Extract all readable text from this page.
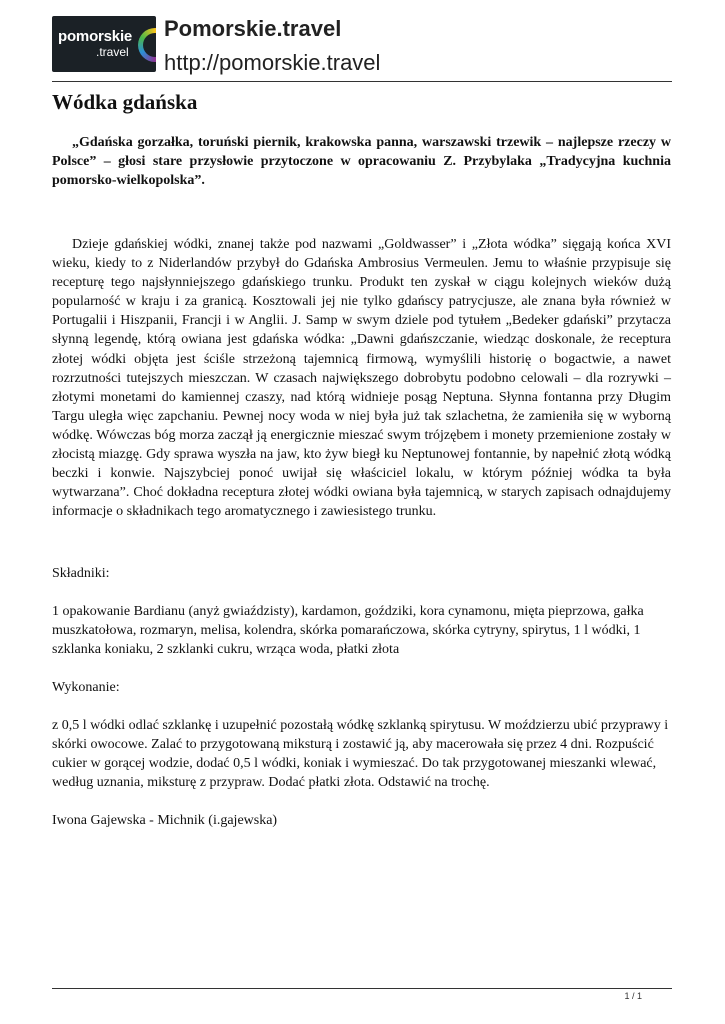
pomorskie
.travel
Pomorskie.travel
http://pomorskie.travel
Wódka gdańska

„Gdańska gorzałka, toruński piernik, krakowska panna, warszawski trzewik – najlepsze rzeczy w Polsce” – głosi stare przysłowie przytoczone w opracowaniu Z. Przybylaka „Tradycyjna kuchnia pomorsko-wielkopolska”.

Dzieje gdańskiej wódki, znanej także pod nazwami „Goldwasser” i „Złota wódka” sięgają końca XVI wieku, kiedy to z Niderlandów przybył do Gdańska Ambrosius Vermeulen. Jemu to właśnie przypisuje się recepturę tego najsłynniejszego gdańskiego trunku. Produkt ten zyskał w ciągu kolejnych wieków dużą popularność w kraju i za granicą. Kosztowali jej nie tylko gdańscy patrycjusze, ale znana była również w Portugalii i Hiszpanii, Francji i w Anglii. J. Samp w swym dziele pod tytułem „Bedeker gdański” przytacza słynną legendę, którą owiana jest gdańska wódka: „Dawni gdańszczanie, wiedząc doskonale, że receptura złotej wódki objęta jest ściśle strzeżoną tajemnicą firmową, wymyślili historię o bogactwie, a nawet rozrzutności tutejszych mieszczan. W czasach największego dobrobytu podobno celowali – dla rozrywki – złotymi monetami do kamiennej czaszy, nad którą widnieje posąg Neptuna. Słynna fontanna przy Długim Targu uległa więc zapchaniu. Pewnej nocy woda w niej była już tak szlachetna, że zamieniła się w wyborną wódkę. Wówczas bóg morza zaczął ją energicznie mieszać swym trójzębem i monety przemienione zostały w złocistą miazgę. Gdy sprawa wyszła na jaw, kto żyw biegł ku Neptunowej fontannie, by napełnić złotą wódką beczki i konwie. Najszybciej ponoć uwijał się właściciel lokalu, w którym później wódka ta była wytwarzana”. Choć dokładna receptura złotej wódki owiana była tajemnicą, w starych zapisach odnajdujemy informacje o składnikach tego aromatycznego i zawiesistego trunku.

Składniki:

1 opakowanie Bardianu (anyż gwiaździsty), kardamon, goździki, kora cynamonu, mięta pieprzowa, gałka muszkatołowa, rozmaryn, melisa, kolendra, skórka pomarańczowa, skórka cytryny, spirytus, 1 l wódki, 1 szklanka koniaku, 2 szklanki cukru, wrząca woda, płatki złota

Wykonanie:

z 0,5 l wódki odlać szklankę i uzupełnić pozostałą wódkę szklanką spirytusu. W moździerzu ubić przyprawy i skórki owocowe. Zalać to przygotowaną miksturą i zostawić ją, aby macerowała się przez 4 dni. Rozpuścić cukier w gorącej wodzie, dodać 0,5 l wódki, koniak i wymieszać. Do tak przygotowanej mieszanki wlewać, według uznania, miksturę z przypraw. Dodać płatki złota. Odstawić na trochę.

Iwona Gajewska - Michnik (i.gajewska)

1 / 1
